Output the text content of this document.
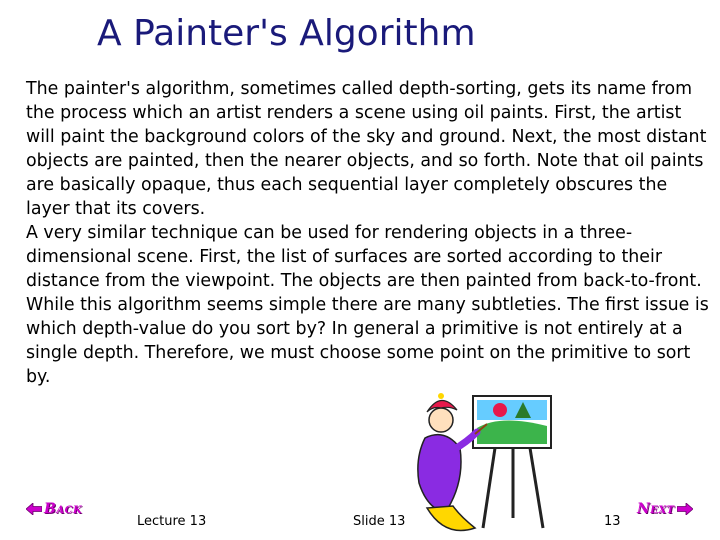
A Painter's Algorithm

The painter's algorithm, sometimes called depth-sorting, gets its name from the process which an artist renders a scene using oil paints. First, the artist will paint the background colors of the sky and ground. Next, the most distant objects are painted, then the nearer objects, and so forth. Note that oil paints are basically opaque, thus each sequential layer completely obscures the layer that its covers.

A very similar technique can be used for rendering objects in a three-dimensional scene. First, the list of surfaces are sorted according to their distance from the viewpoint. The objects are then painted from back-to-front.

While this algorithm seems simple there are many subtleties. The first issue is which depth-value do you sort by? In general a primitive is not entirely at a single depth. Therefore, we must choose some point on the primitive to sort by.

Back
Lecture 13	Slide 13	13
Next
